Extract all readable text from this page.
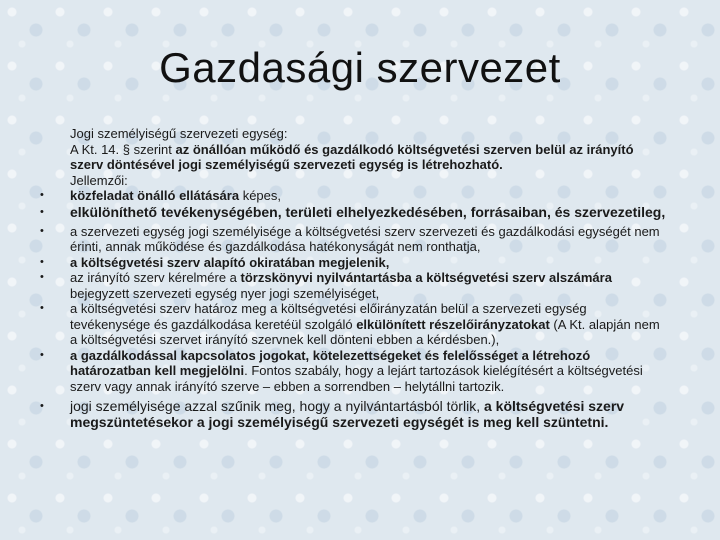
Gazdasági szervezet

Jogi személyiségű szervezeti egység:

A Kt. 14. § szerint az önállóan működő és gazdálkodó költségvetési szerven belül az irányító szerv döntésével jogi személyiségű szervezeti egység is létrehozható.

Jellemzői:

• közfeladat önálló ellátására képes,

• elkülöníthető tevékenységében, területi elhelyezkedésében, forrásaiban, és szervezetileg,

• a szervezeti egység jogi személyisége a költségvetési szerv szervezeti és gazdálkodási egységét nem érinti, annak működése és gazdálkodása hatékonyságát nem ronthatja,

• a költségvetési szerv alapító okiratában megjelenik,

• az irányító szerv kérelmére a törzskönyvi nyilvántartásba a költségvetési szerv alszámára bejegyzett szervezeti egység nyer jogi személyiséget,

• a költségvetési szerv határoz meg a költségvetési előirányzatán belül a szervezeti egység tevékenysége és gazdálkodása keretéül szolgáló elkülönített részelőirányzatokat (A Kt. alapján nem a költségvetési szervet irányító szervnek kell dönteni ebben a kérdésben.),

• a gazdálkodással kapcsolatos jogokat, kötelezettségeket és felelősséget a létrehozó határozatban kell megjelölni. Fontos szabály, hogy a lejárt tartozások kielégítésért a költségvetési szerv vagy annak irányító szerve – ebben a sorrendben – helytállni tartozik.

• jogi személyisége azzal szűnik meg, hogy a nyilvántartásból törlik, a költségvetési szerv megszüntetésekor a jogi személyiségű szervezeti egységét is meg kell szüntetni.
